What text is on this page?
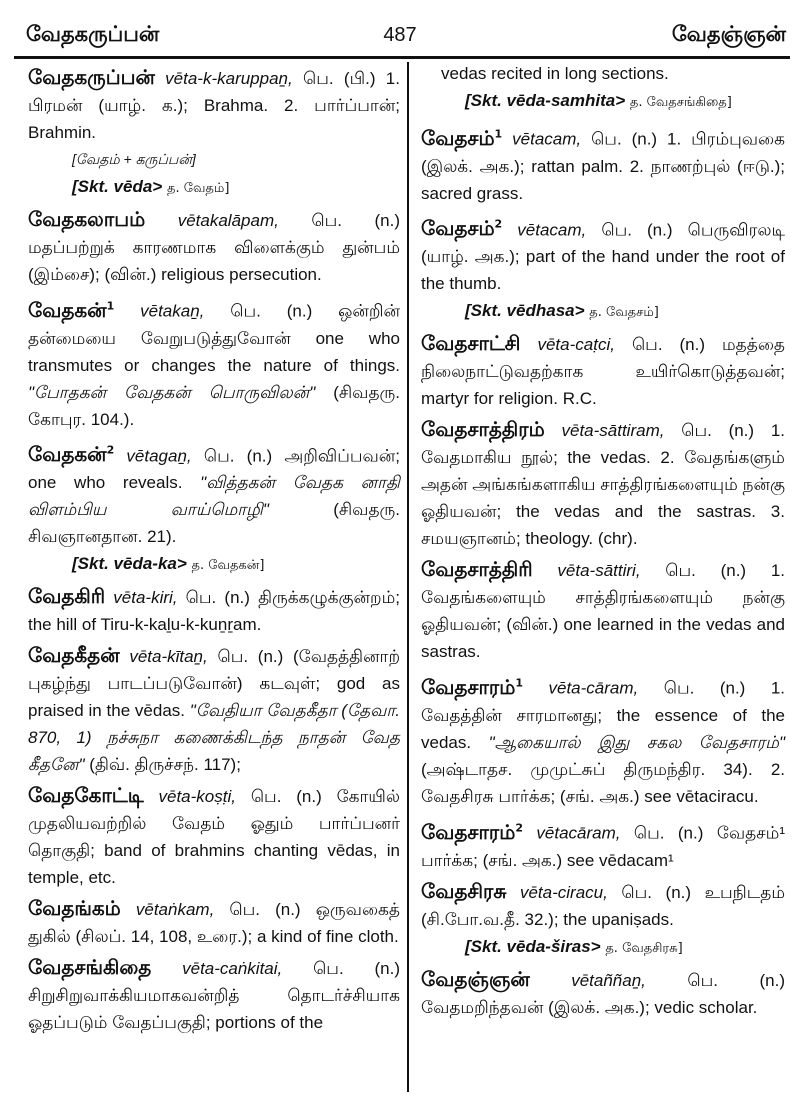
வேதகருப்பன்	487	வேதஞ்ஞன்
வேதகருப்பன் vēta-k-karuppaṉ, பெ. (பி.) 1. பிரமன் (யாழ். க.); Brahma. 2. பார்ப்பான்; Brahmin.
[வேதம் + கருப்பன்]
[Skt. vēda> த. வேதம்]
வேதகலாபம் vētakalāpam, பெ. (n.) மதப்பற்றுக் காரணமாக விளைக்கும் துன்பம் (இம்சை); (வின்.) religious persecution.
வேதகன்$^1$ vētakaṉ, பெ. (n.) ஒன்றின் தன்மையை வேறுபடுத்துவோன் one who transmutes or changes the nature of things. "போதகன் வேதகன் பொருவிலன்" (சிவதரு. கோபுர. 104.).
வேதகன்$^2$ vētagaṉ, பெ. (n.) அறிவிப்பவன்; one who reveals. "வித்தகன் வேதக னாதி விளம்பிய வாய்மொழி"	(சிவதரு. சிவஞானதான. 21).
[Skt. vēda-ka> த. வேதகன்]
வேதகிரி vēta-kiri, பெ. (n.) திருக்கழுக்குன்றம்; the hill of Tiru-k-kaḻu-k-kuṉṟam.
வேதகீதன் vēta-kītaṉ, பெ. (n.) (வேதத்தினாற் புகழ்ந்து பாடப்படுவோன்) கடவுள்; god as praised in the vēdas. "வேதியா வேதகீதா (தேவா. 870, 1) நச்சுநா கணைக்கிடந்த நாதன் வேத கீதனே" (திவ். திருச்சந். 117);
வேதகோட்டி vēta-koṣṭi, பெ. (n.) கோயில் முதலியவற்றில் வேதம் ஓதும் பார்ப்பனர் தொகுதி; band of brahmins chanting vēdas, in temple, etc.
வேதங்கம் vētaṅkam, பெ. (n.) ஒருவகைத் துகில் (சிலப். 14, 108, உரை.); a kind of fine cloth.
வேதசங்கிதை vēta-caṅkitai, பெ. (n.) சிறுசிறுவாக்கியமாகவன்றித் தொடர்ச்சியாக ஓதப்படும் வேதப்பகுதி; portions of the
vedas recited in long sections.
[Skt. vēda-samhita> த. வேதசங்கிதை]
வேதசம்$^1$ vētacam, பெ. (n.) 1. பிரம்புவகை (இலக். அக.); rattan palm. 2. நாணற்புல் (ஈடு.); sacred grass.
வேதசம்$^2$ vētacam, பெ. (n.) பெருவிரலடி (யாழ். அக.); part of the hand under the root of the thumb.
[Skt. vēdhasa> த. வேதசம்]
வேதசாட்சி vēta-caṭci, பெ. (n.) மதத்தை நிலைநாட்டுவதற்காக உயிர்கொடுத்தவன்; martyr for religion. R.C.
வேதசாத்திரம் vēta-sāttiram, பெ. (n.) 1. வேதமாகிய நூல்; the vedas. 2. வேதங்களும் அதன் அங்கங்களாகிய சாத்திரங்களையும் நன்கு ஓதியவன்; the vedas and the sastras. 3. சமயஞானம்; theology. (chr).
வேதசாத்திரி vēta-sāttiri, பெ. (n.) 1. வேதங்களையும் சாத்திரங்களையும் நன்கு ஓதியவன்; (வின்.) one learned in the vedas and sastras.
வேதசாரம்$^1$ vēta-cāram, பெ. (n.) 1. வேதத்தின் சாரமானது; the essence of the vedas. "ஆகையால் இது சகல வேதசாரம்" (அஷ்டாதச. முமுட்சுப் திருமந்திர. 34). 2. வேதசிரசு பார்க்க; (சங். அக.) see vētaciracu.
வேதசாரம்$^2$ vētacāram, பெ. (n.) வேதசம்¹ பார்க்க; (சங். அக.) see vēdacam¹
வேதசிரசு vēta-ciracu, பெ. (n.) உபநிடதம் (சி.போ.வ.தீ. 32.); the upaniṣads.
[Skt. vēda-širas> த. வேதசிரசு]
வேதஞ்ஞன் vētaññaṉ, பெ. (n.) வேதமறிந்தவன் (இலக். அக.); vedic scholar.
